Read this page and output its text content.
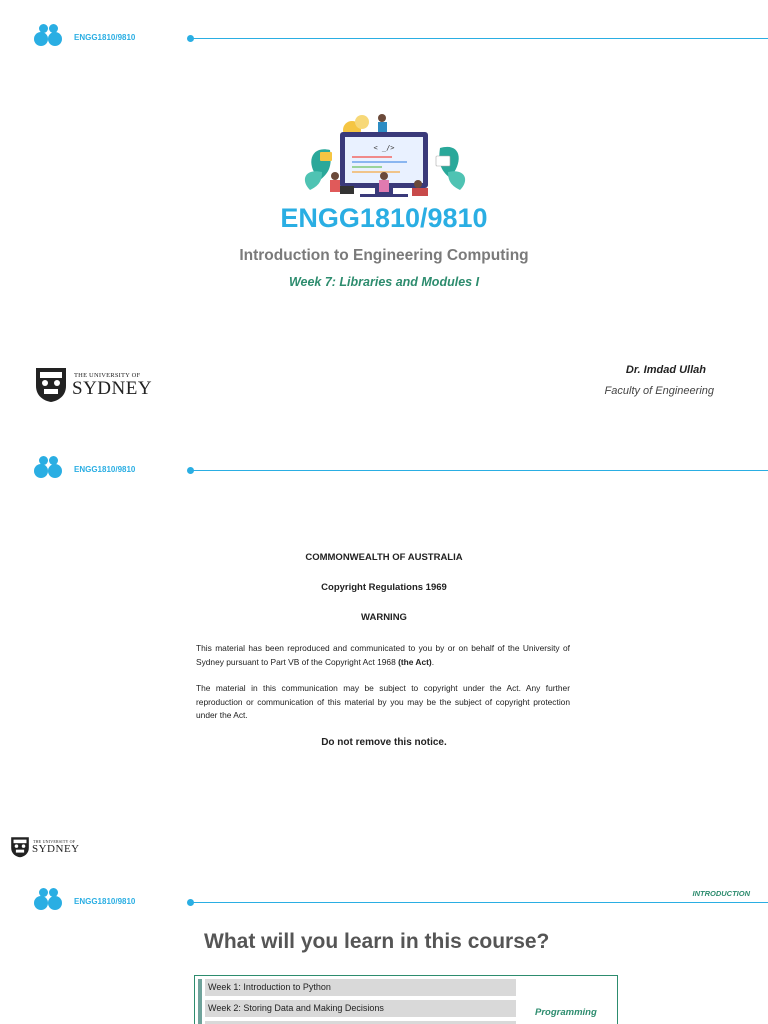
ENGG1810/9810
< _/>
ENGG1810/9810
Introduction to Engineering Computing
Week 7: Libraries and Modules I
THE UNIVERSITY OF
SYDNEY
Dr. Imdad Ullah
Faculty of Engineering
ENGG1810/9810
COMMONWEALTH OF AUSTRALIA
Copyright Regulations 1969
WARNING
This material has been reproduced and communicated to you by or on behalf of the University of Sydney pursuant to Part VB of the Copyright Act 1968 (the Act).
The material in this communication may be subject to copyright under the Act. Any further reproduction or communication of this material by you may be the subject of copyright protection under the Act.
Do not remove this notice.
THE UNIVERSITY OF
SYDNEY
INTRODUCTION
ENGG1810/9810
What will you learn in this course?
Week 1: Introduction to Python
Week 2: Storing Data and Making Decisions	Programming
